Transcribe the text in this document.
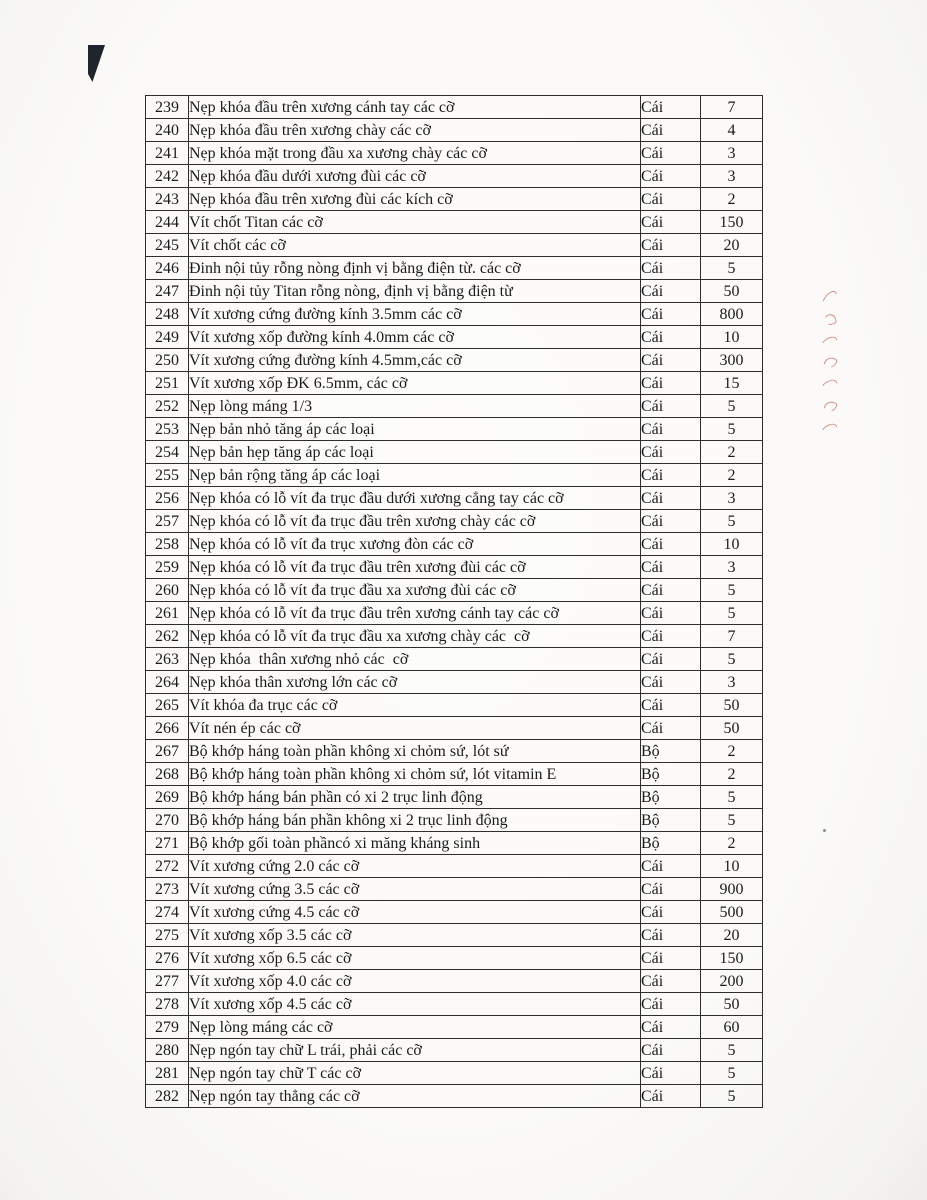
239	Nẹp khóa đầu trên xương cánh tay các cỡ	Cái	7
240	Nẹp khóa đầu trên xương chày các cỡ	Cái	4
241	Nẹp khóa mặt trong đầu xa xương chày các cỡ	Cái	3
242	Nẹp khóa đầu dưới xương đùi các cỡ	Cái	3
243	Nẹp khóa đầu trên xương đùi các kích cỡ	Cái	2
244	Vít chốt Titan các cỡ	Cái	150
245	Vít chốt các cỡ	Cái	20
246	Đinh nội tủy rỗng nòng định vị bằng điện từ. các cỡ	Cái	5
247	Đinh nội tủy Titan rỗng nòng, định vị bằng điện từ	Cái	50
248	Vít xương cứng đường kính 3.5mm các cỡ	Cái	800
249	Vít xương xốp đường kính 4.0mm các cỡ	Cái	10
250	Vít xương cứng đường kính 4.5mm,các cỡ	Cái	300
251	Vít xương xốp ĐK 6.5mm, các cỡ	Cái	15
252	Nẹp lòng máng 1/3	Cái	5
253	Nẹp bản nhỏ tăng áp các loại	Cái	5
254	Nẹp bản hẹp tăng áp các loại	Cái	2
255	Nẹp bản rộng tăng áp các loại	Cái	2
256	Nẹp khóa có lỗ vít đa trục đầu dưới xương cẳng tay các cỡ	Cái	3
257	Nẹp khóa có lỗ vít đa trục đầu trên xương chày các cỡ	Cái	5
258	Nẹp khóa có lỗ vít đa trục xương đòn các cỡ	Cái	10
259	Nẹp khóa có lỗ vít đa trục đầu trên xương đùi các cỡ	Cái	3
260	Nẹp khóa có lỗ vít đa trục đầu xa xương đùi các cỡ	Cái	5
261	Nẹp khóa có lỗ vít đa trục đầu trên xương cánh tay các cỡ	Cái	5
262	Nẹp khóa có lỗ vít đa trục đầu xa xương chày các  cỡ	Cái	7
263	Nẹp khóa  thân xương nhỏ các  cỡ	Cái	5
264	Nẹp khóa thân xương lớn các cỡ	Cái	3
265	Vít khóa đa trục các cỡ	Cái	50
266	Vít nén ép các cỡ	Cái	50
267	Bộ khớp háng toàn phần không xi chỏm sứ, lót sứ	Bộ	2
268	Bộ khớp háng toàn phần không xi chỏm sứ, lót vitamin E	Bộ	2
269	Bộ khớp háng bán phần có xi 2 trục linh động	Bộ	5
270	Bộ khớp háng bán phần không xi 2 trục linh động	Bộ	5
271	Bộ khớp gối toàn phầncó xi măng kháng sinh	Bộ	2
272	Vít xương cứng 2.0 các cỡ	Cái	10
273	Vít xương cứng 3.5 các cỡ	Cái	900
274	Vít xương cứng 4.5 các cỡ	Cái	500
275	Vít xương xốp 3.5 các cỡ	Cái	20
276	Vít xương xốp 6.5 các cỡ	Cái	150
277	Vít xương xốp 4.0 các cỡ	Cái	200
278	Vít xương xốp 4.5 các cỡ	Cái	50
279	Nẹp lòng máng các cỡ	Cái	60
280	Nẹp ngón tay chữ L trái, phải các cỡ	Cái	5
281	Nẹp ngón tay chữ T các cỡ	Cái	5
282	Nẹp ngón tay thẳng các cỡ	Cái	5
